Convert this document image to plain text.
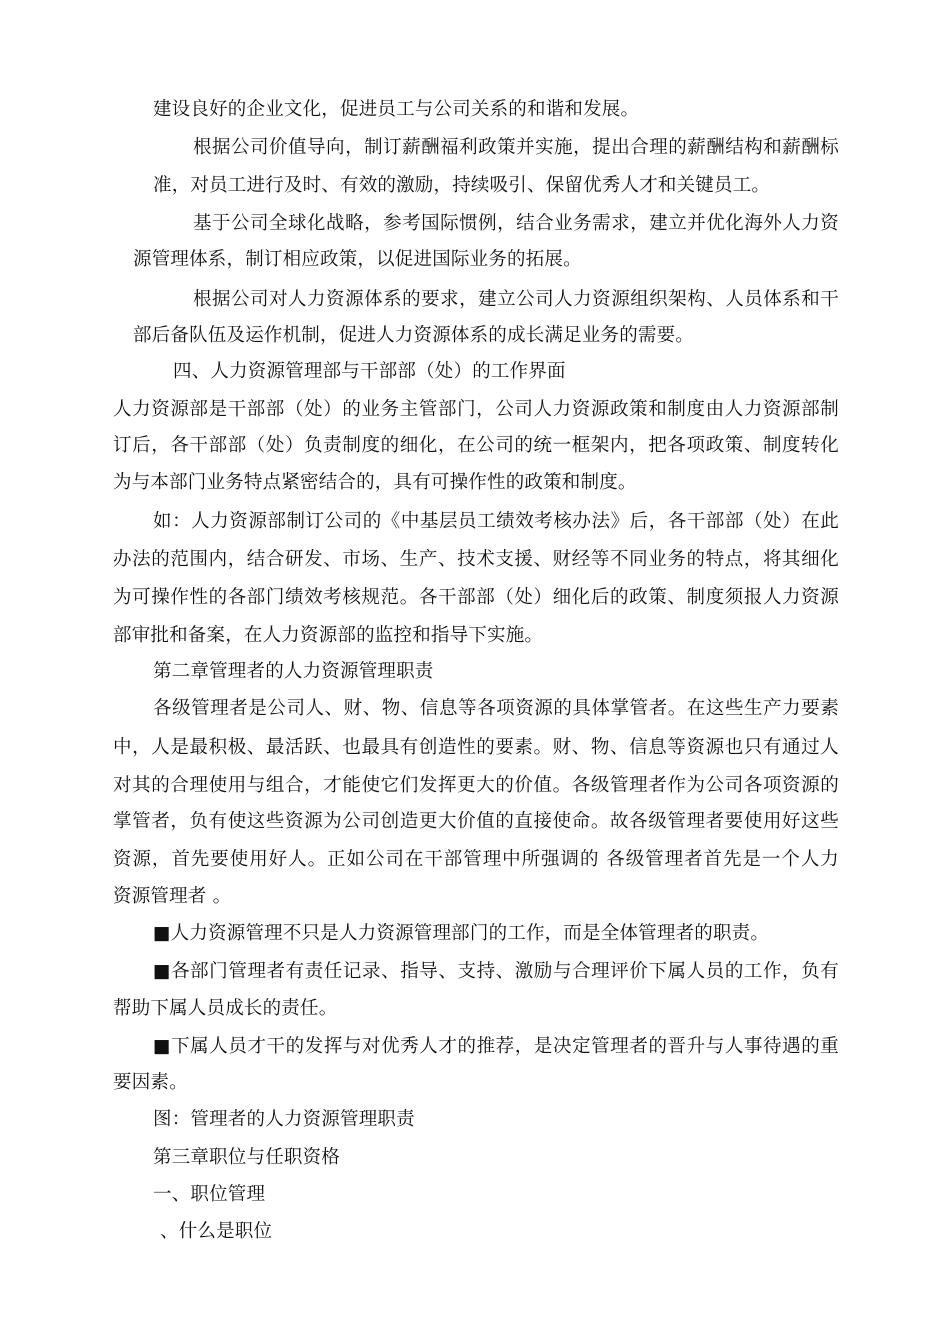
建设良好的企业文化，促进员工与公司关系的和谐和发展。
根据公司价值导向，制订薪酬福利政策并实施，提出合理的薪酬结构和薪酬标
准，对员工进行及时、有效的激励，持续吸引、保留优秀人才和关键员工。
基于公司全球化战略，参考国际惯例，结合业务需求，建立并优化海外人力资
源管理体系，制订相应政策，以促进国际业务的拓展。
根据公司对人力资源体系的要求，建立公司人力资源组织架构、人员体系和干
部后备队伍及运作机制，促进人力资源体系的成长满足业务的需要。
四、人力资源管理部与干部部（处）的工作界面
人力资源部是干部部（处）的业务主管部门，公司人力资源政策和制度由人力资源部制
订后，各干部部（处）负责制度的细化，在公司的统一框架内，把各项政策、制度转化
为与本部门业务特点紧密结合的，具有可操作性的政策和制度。
如：人力资源部制订公司的《中基层员工绩效考核办法》后，各干部部（处）在此
办法的范围内，结合研发、市场、生产、技术支援、财经等不同业务的特点，将其细化
为可操作性的各部门绩效考核规范。各干部部（处）细化后的政策、制度须报人力资源
部审批和备案，在人力资源部的监控和指导下实施。
第二章管理者的人力资源管理职责
各级管理者是公司人、财、物、信息等各项资源的具体掌管者。在这些生产力要素
中，人是最积极、最活跃、也最具有创造性的要素。财、物、信息等资源也只有通过人
对其的合理使用与组合，才能使它们发挥更大的价值。各级管理者作为公司各项资源的
掌管者，负有使这些资源为公司创造更大价值的直接使命。故各级管理者要使用好这些
资源，首先要使用好人。正如公司在干部管理中所强调的 各级管理者首先是一个人力
资源管理者 。
■人力资源管理不只是人力资源管理部门的工作，而是全体管理者的职责。
■各部门管理者有责任记录、指导、支持、激励与合理评价下属人员的工作，负有
帮助下属人员成长的责任。
■下属人员才干的发挥与对优秀人才的推荐，是决定管理者的晋升与人事待遇的重
要因素。
图：管理者的人力资源管理职责
第三章职位与任职资格
一、职位管理
、什么是职位
